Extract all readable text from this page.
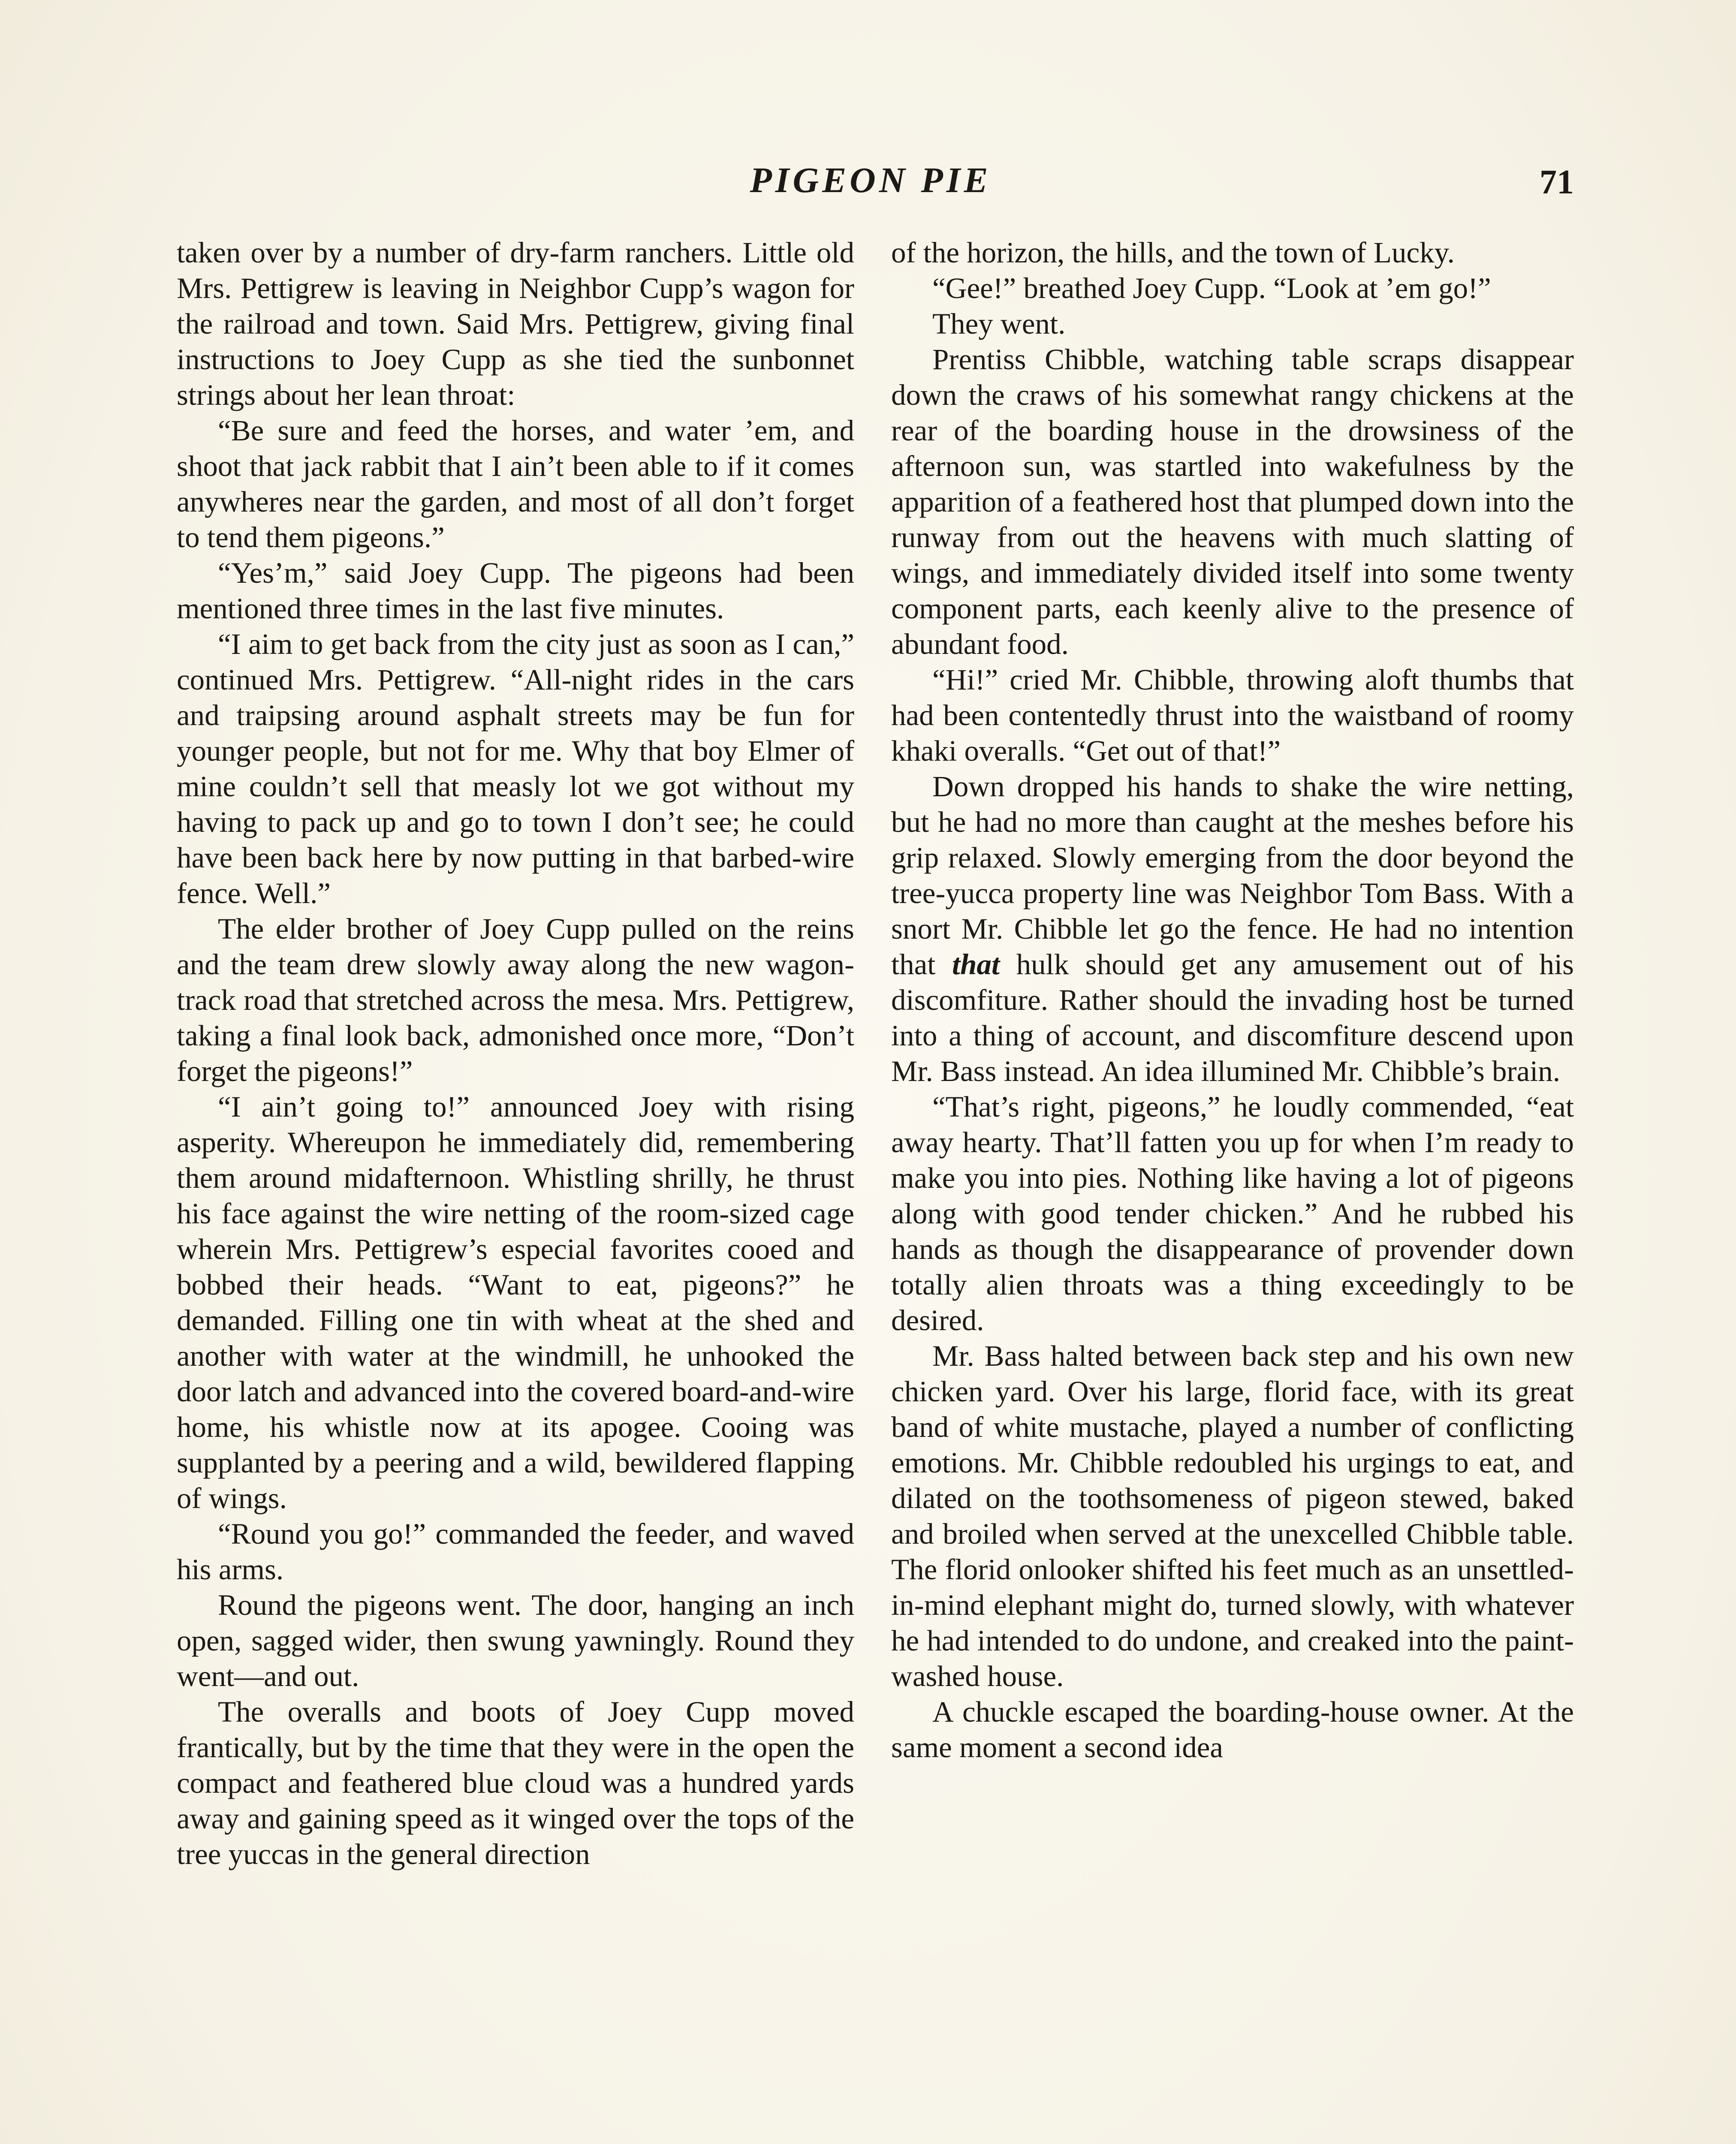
PIGEON PIE	71

taken over by a number of dry-farm ranchers. Little old Mrs. Pettigrew is leaving in Neighbor Cupp’s wagon for the railroad and town. Said Mrs. Pettigrew, giving final instructions to Joey Cupp as she tied the sunbonnet strings about her lean throat:

“Be sure and feed the horses, and water ’em, and shoot that jack rabbit that I ain’t been able to if it comes anywheres near the garden, and most of all don’t forget to tend them pigeons.”

“Yes’m,” said Joey Cupp. The pigeons had been mentioned three times in the last five minutes.

“I aim to get back from the city just as soon as I can,” continued Mrs. Pettigrew. “All-night rides in the cars and traipsing around asphalt streets may be fun for younger people, but not for me. Why that boy Elmer of mine couldn’t sell that measly lot we got without my having to pack up and go to town I don’t see; he could have been back here by now putting in that barbed-wire fence. Well.”

The elder brother of Joey Cupp pulled on the reins and the team drew slowly away along the new wagon-track road that stretched across the mesa. Mrs. Pettigrew, taking a final look back, admonished once more, “Don’t forget the pigeons!”

“I ain’t going to!” announced Joey with rising asperity. Whereupon he immediately did, remembering them around midafternoon. Whistling shrilly, he thrust his face against the wire netting of the room-sized cage wherein Mrs. Pettigrew’s especial favorites cooed and bobbed their heads. “Want to eat, pigeons?” he demanded. Filling one tin with wheat at the shed and another with water at the windmill, he unhooked the door latch and advanced into the covered board-and-wire home, his whistle now at its apogee. Cooing was supplanted by a peering and a wild, bewildered flapping of wings.

“Round you go!” commanded the feeder, and waved his arms.

Round the pigeons went. The door, hanging an inch open, sagged wider, then swung yawningly. Round they went—and out.

The overalls and boots of Joey Cupp moved frantically, but by the time that they were in the open the compact and feathered blue cloud was a hundred yards away and gaining speed as it winged over the tops of the tree yuccas in the general direction

of the horizon, the hills, and the town of Lucky.

“Gee!” breathed Joey Cupp. “Look at ’em go!”

They went.

Prentiss Chibble, watching table scraps disappear down the craws of his somewhat rangy chickens at the rear of the boarding house in the drowsiness of the afternoon sun, was startled into wakefulness by the apparition of a feathered host that plumped down into the runway from out the heavens with much slatting of wings, and immediately divided itself into some twenty component parts, each keenly alive to the presence of abundant food.

“Hi!” cried Mr. Chibble, throwing aloft thumbs that had been contentedly thrust into the waistband of roomy khaki overalls. “Get out of that!”

Down dropped his hands to shake the wire netting, but he had no more than caught at the meshes before his grip relaxed. Slowly emerging from the door beyond the tree-yucca property line was Neighbor Tom Bass. With a snort Mr. Chibble let go the fence. He had no intention that that hulk should get any amusement out of his discomfiture. Rather should the invading host be turned into a thing of account, and discomfiture descend upon Mr. Bass instead. An idea illumined Mr. Chibble’s brain.

“That’s right, pigeons,” he loudly commended, “eat away hearty. That’ll fatten you up for when I’m ready to make you into pies. Nothing like having a lot of pigeons along with good tender chicken.” And he rubbed his hands as though the disappearance of provender down totally alien throats was a thing exceedingly to be desired.

Mr. Bass halted between back step and his own new chicken yard. Over his large, florid face, with its great band of white mustache, played a number of conflicting emotions. Mr. Chibble redoubled his urgings to eat, and dilated on the toothsomeness of pigeon stewed, baked and broiled when served at the unexcelled Chibble table. The florid onlooker shifted his feet much as an unsettled-in-mind elephant might do, turned slowly, with whatever he had intended to do undone, and creaked into the paint-washed house.

A chuckle escaped the boarding-house owner. At the same moment a second idea
